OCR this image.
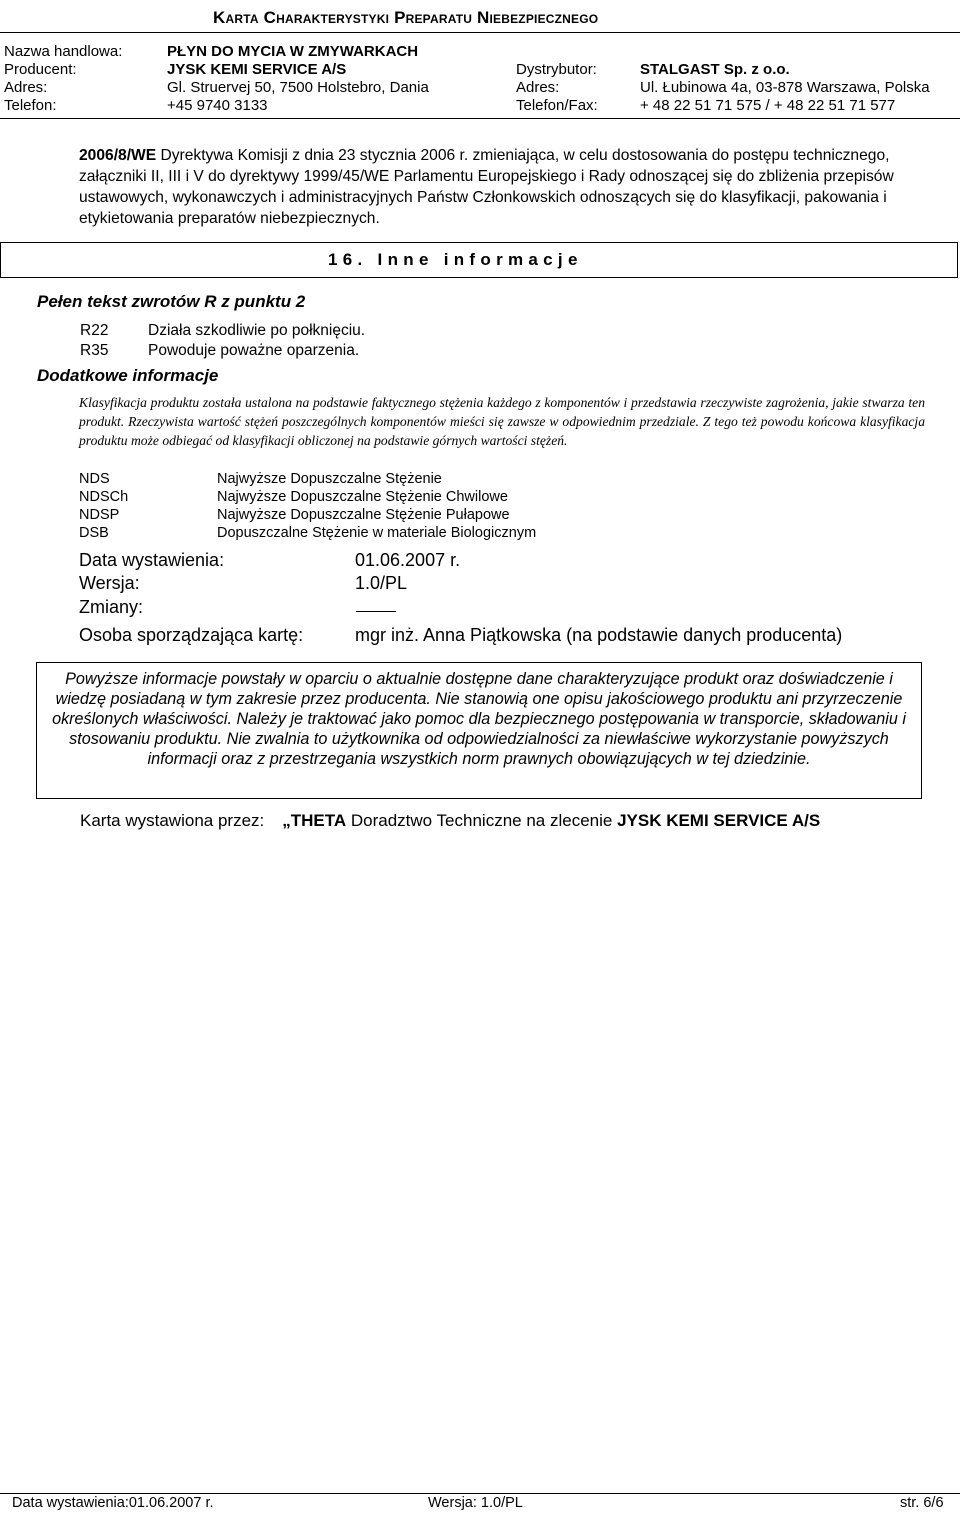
Karta Charakterystyki Preparatu Niebezpiecznego
Nazwa handlowa:	PŁYN DO MYCIA W ZMYWARKACH
Producent:	JYSK KEMI SERVICE A/S	Dystrybutor:	STALGAST Sp. z o.o.
Adres:	Gl. Struervej 50, 7500 Holstebro, Dania	Adres:	Ul. Łubinowa 4a, 03-878 Warszawa, Polska
Telefon:	+45 9740 3133	Telefon/Fax:	+ 48 22 51 71 575 / + 48 22 51 71 577
2006/8/WE Dyrektywa Komisji z dnia 23 stycznia 2006 r. zmieniająca, w celu dostosowania do postępu technicznego, załączniki II, III i V do dyrektywy 1999/45/WE Parlamentu Europejskiego i Rady odnoszącej się do zbliżenia przepisów ustawowych, wykonawczych i administracyjnych Państw Członkowskich odnoszących się do klasyfikacji, pakowania i etykietowania preparatów niebezpiecznych.
16. Inne informacje
Pełen tekst zwrotów R z punktu 2
R22	Działa szkodliwie po połknięciu.
R35	Powoduje poważne oparzenia.
Dodatkowe informacje
Klasyfikacja produktu została ustalona na podstawie faktycznego stężenia każdego z komponentów i przedstawia rzeczywiste zagrożenia, jakie stwarza ten produkt. Rzeczywista wartość stężeń poszczególnych komponentów mieści się zawsze w odpowiednim przedziale. Z tego też powodu końcowa klasyfikacja produktu może odbiegać od klasyfikacji obliczonej na podstawie górnych wartości stężeń.
NDS	Najwyższe Dopuszczalne Stężenie
NDSCh	Najwyższe Dopuszczalne Stężenie Chwilowe
NDSP	Najwyższe Dopuszczalne Stężenie Pułapowe
DSB	Dopuszczalne Stężenie w materiale Biologicznym
Data wystawienia:	01.06.2007 r.
Wersja:	1.0/PL
Zmiany:
Osoba sporządzająca kartę:	mgr inż. Anna Piątkowska (na podstawie danych producenta)
Powyższe informacje powstały w oparciu o aktualnie dostępne dane charakteryzujące produkt oraz doświadczenie i wiedzę posiadaną w tym zakresie przez producenta. Nie stanowią one opisu jakościowego produktu ani przyrzeczenie określonych właściwości. Należy je traktować jako pomoc dla bezpiecznego postępowania w transporcie, składowaniu i stosowaniu produktu. Nie zwalnia to użytkownika od odpowiedzialności za niewłaściwe wykorzystanie powyższych informacji oraz z przestrzegania wszystkich norm prawnych obowiązujących w tej dziedzinie.
Karta wystawiona przez: „THETA Doradztwo Techniczne na zlecenie JYSK KEMI SERVICE A/S
Data wystawienia:01.06.2007 r.	Wersja: 1.0/PL	str. 6/6
